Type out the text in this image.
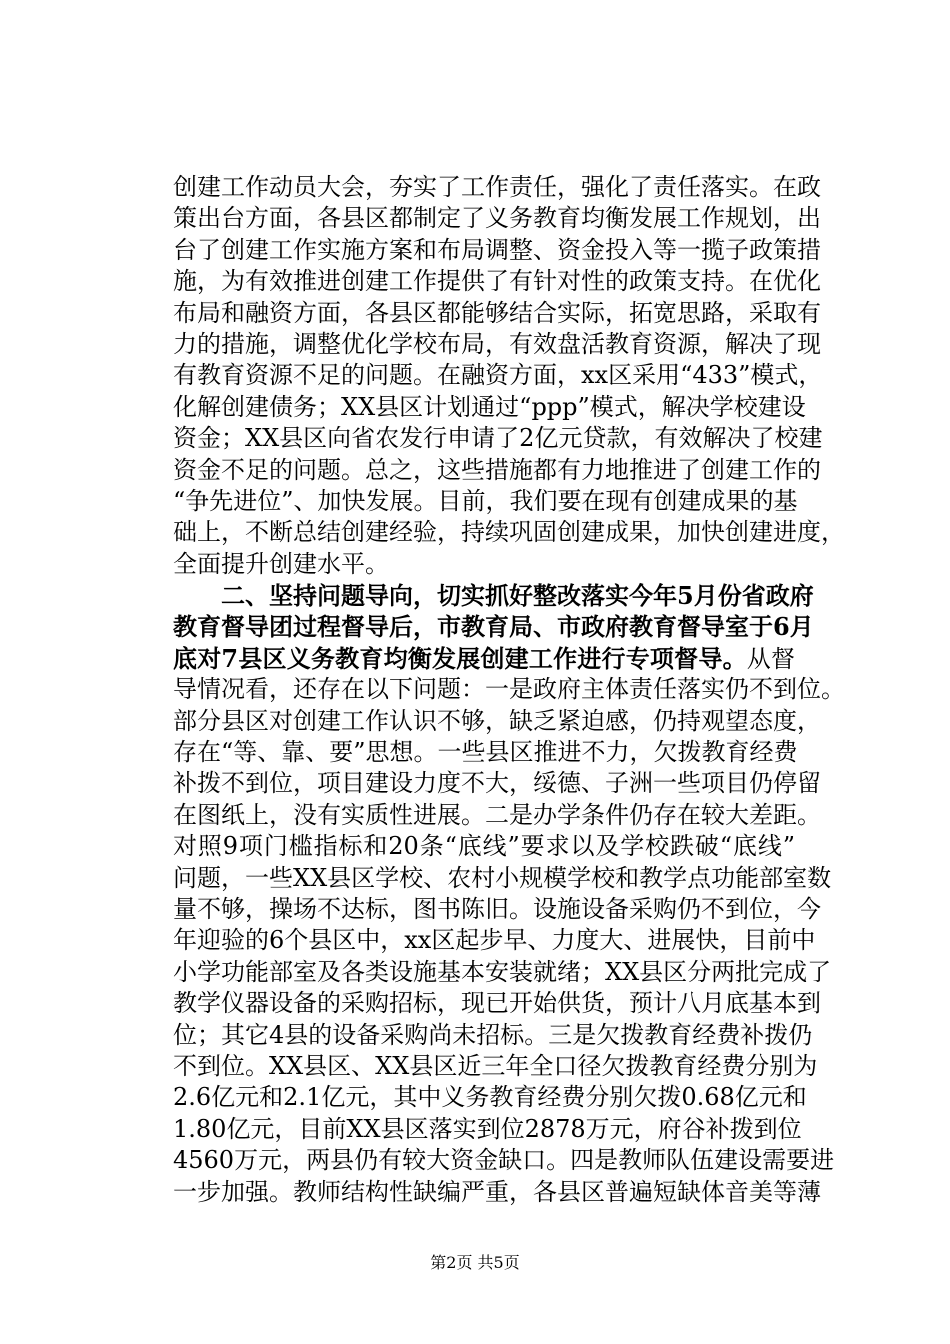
创建工作动员大会，夯实了工作责任，强化了责任落实。在政
策出台方面，各县区都制定了义务教育均衡发展工作规划，出
台了创建工作实施方案和布局调整、资金投入等一揽子政策措
施，为有效推进创建工作提供了有针对性的政策支持。在优化
布局和融资方面，各县区都能够结合实际，拓宽思路，采取有
力的措施，调整优化学校布局，有效盘活教育资源，解决了现
有教育资源不足的问题。在融资方面，xx区采用“433”模式，
化解创建债务；XX县区计划通过“ppp”模式，解决学校建设
资金；XX县区向省农发行申请了2亿元贷款，有效解决了校建
资金不足的问题。总之，这些措施都有力地推进了创建工作的
“争先进位”、加快发展。目前，我们要在现有创建成果的基
础上，不断总结创建经验，持续巩固创建成果，加快创建进度，
全面提升创建水平。
　　二、坚持问题导向，切实抓好整改落实今年5月份省政府
教育督导团过程督导后，市教育局、市政府教育督导室于6月
底对7县区义务教育均衡发展创建工作进行专项督导。从督
导情况看，还存在以下问题：一是政府主体责任落实仍不到位。
部分县区对创建工作认识不够，缺乏紧迫感，仍持观望态度，
存在“等、靠、要”思想。一些县区推进不力，欠拨教育经费
补拨不到位，项目建设力度不大，绥德、子洲一些项目仍停留
在图纸上，没有实质性进展。二是办学条件仍存在较大差距。
对照9项门槛指标和20条“底线”要求以及学校跌破“底线”
问题，一些XX县区学校、农村小规模学校和教学点功能部室数
量不够，操场不达标，图书陈旧。设施设备采购仍不到位，今
年迎验的6个县区中，xx区起步早、力度大、进展快，目前中
小学功能部室及各类设施基本安装就绪；XX县区分两批完成了
教学仪器设备的采购招标，现已开始供货，预计八月底基本到
位；其它4县的设备采购尚未招标。三是欠拨教育经费补拨仍
不到位。XX县区、XX县区近三年全口径欠拨教育经费分别为
2.6亿元和2.1亿元，其中义务教育经费分别欠拨0.68亿元和
1.80亿元，目前XX县区落实到位2878万元，府谷补拨到位
4560万元，两县仍有较大资金缺口。四是教师队伍建设需要进
一步加强。教师结构性缺编严重，各县区普遍短缺体音美等薄
第2页 共5页
